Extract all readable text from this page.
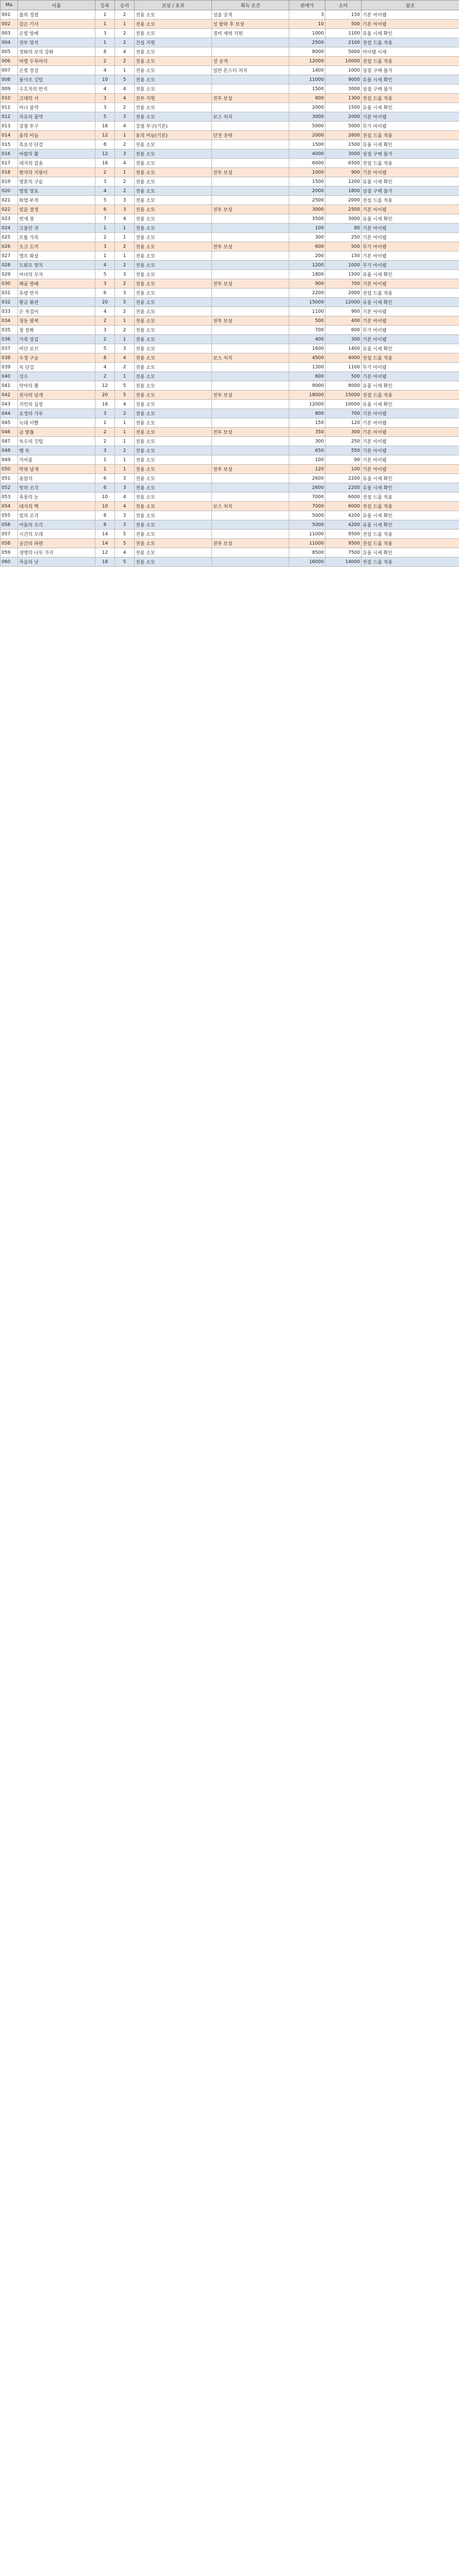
Ma	이름	등록	승리	보상 / 효과	획득 조건	판매가	소비	참조
001	불의 정령	1	2	전용 소모	성을 공격	3	150	기본 아이템
002	검은 기사	1	1	전용 소모	성 함락 후 보상	10	500	기본 아이템
003	은빛 방패	3	2	전용 소모	경비 세력 지원	1000	1100	유물 시세 확인
004	전투 망치	1	2	건설 지원		2500	2100	전설 드롭 적용
005	정화의 보석 강화	8	4	전용 소모		8000	5000	아이템 시세
006	마법 두루마리	2	2	전용 소모	성 공격	12000	10000	전설 드롭 적용
007	은빛 장검	4	1	전용 소모	일반 몬스터 처치	1400	1000	상점 구매 불가
008	불사조 깃털	10	5	전용 소모		11000	9000	유물 시세 확인
009	수호자의 반지	4	4	전용 소모		1500	3000	상점 구매 불가
010	고대의 서	3	4	전투 지원	전투 보상	800	1300	전설 드롭 적용
011	마나 물약	3	2	전용 소모		2000	1500	유물 시세 확인
012	치유의 물약	5	3	전용 소모	보스 처치	3000	2000	기본 아이템
013	강철 투구	16	4	강철 투구(기본)		5000	5000	무기 아이템
014	용의 비늘	12	1	용의 비늘(기본)	던전 공략	2000	2600	전설 드롭 적용
015	흑요석 단검	8	2	전용 소모		1500	1500	유물 시세 확인
016	바람의 활	12	3	전용 소모		4000	3000	상점 구매 불가
017	대지의 갑옷	16	4	전용 소모		6000	6500	전설 드롭 적용
018	현자의 지팡이	2	1	전용 소모	전투 보상	1000	900	기본 아이템
019	영혼의 구슬	3	2	전용 소모		1500	1200	유물 시세 확인
020	별빛 망토	4	2	전용 소모		2000	1800	상점 구매 불가
021	화염 부적	5	3	전용 소모		2500	2000	전설 드롭 적용
022	얼음 결정	6	3	전용 소모	전투 보상	3000	2500	기본 아이템
023	번개 창	7	4	전용 소모		3500	3000	유물 시세 확인
024	고블린 귀	1	1	전용 소모		100	80	기본 아이템
025	트롤 가죽	2	1	전용 소모		300	250	기본 아이템
026	오크 도끼	3	2	전용 소모	전투 보상	600	500	무기 아이템
027	엘프 화살	1	1	전용 소모		200	150	기본 아이템
028	드워프 망치	4	2	전용 소모		1200	1000	무기 아이템
029	마녀의 모자	5	3	전용 소모		1800	1500	유물 시세 확인
030	해골 방패	3	2	전용 소모	전투 보상	900	700	기본 아이템
031	유령 반지	6	3	전용 소모		2200	2000	전설 드롭 적용
032	황금 왕관	20	5	전용 소모		15000	12000	유물 시세 확인
033	은 목걸이	4	2	전용 소모		1100	900	기본 아이템
034	청동 팔찌	2	1	전용 소모	전투 보상	500	400	기본 아이템
035	철 장화	3	2	전용 소모		700	600	무기 아이템
036	가죽 장갑	2	1	전용 소모		400	300	기본 아이템
037	비단 로브	5	3	전용 소모		1600	1400	유물 시세 확인
038	수정 구슬	8	4	전용 소모	보스 처치	4500	4000	전설 드롭 적용
039	독 단검	4	2	전용 소모		1300	1100	무기 아이템
040	성수	2	1	전용 소모		600	500	기본 아이템
041	악마의 뿔	12	5	전용 소모		9000	8000	유물 시세 확인
042	천사의 날개	20	5	전용 소모	전투 보상	18000	15000	전설 드롭 적용
043	거인의 심장	16	4	전용 소모		12000	10000	유물 시세 확인
044	요정의 가루	3	2	전용 소모		800	700	기본 아이템
045	늑대 이빨	1	1	전용 소모		150	120	기본 아이템
046	곰 발톱	2	1	전용 소모	전투 보상	350	300	기본 아이템
047	독수리 깃털	2	1	전용 소모		300	250	기본 아이템
048	뱀 독	3	2	전용 소모		650	550	기본 아이템
049	거미줄	1	1	전용 소모		100	90	기본 아이템
050	박쥐 날개	1	1	전용 소모	전투 보상	120	100	기본 아이템
051	용암석	6	3	전용 소모		2600	2200	유물 시세 확인
052	빙하 조각	6	3	전용 소모		2600	2200	유물 시세 확인
053	폭풍의 눈	10	4	전용 소모		7000	6000	전설 드롭 적용
054	대지의 핵	10	4	전용 소모	보스 처치	7000	6000	전설 드롭 적용
055	빛의 조각	8	3	전용 소모		5000	4200	유물 시세 확인
056	어둠의 조각	8	3	전용 소모		5000	4200	유물 시세 확인
057	시간의 모래	14	5	전용 소모		11000	9500	전설 드롭 적용
058	공간의 파편	14	5	전용 소모	전투 보상	11000	9500	전설 드롭 적용
059	생명의 나무 가지	12	4	전용 소모		8500	7500	유물 시세 확인
060	죽음의 낫	18	5	전용 소모		16000	14000	전설 드롭 적용
